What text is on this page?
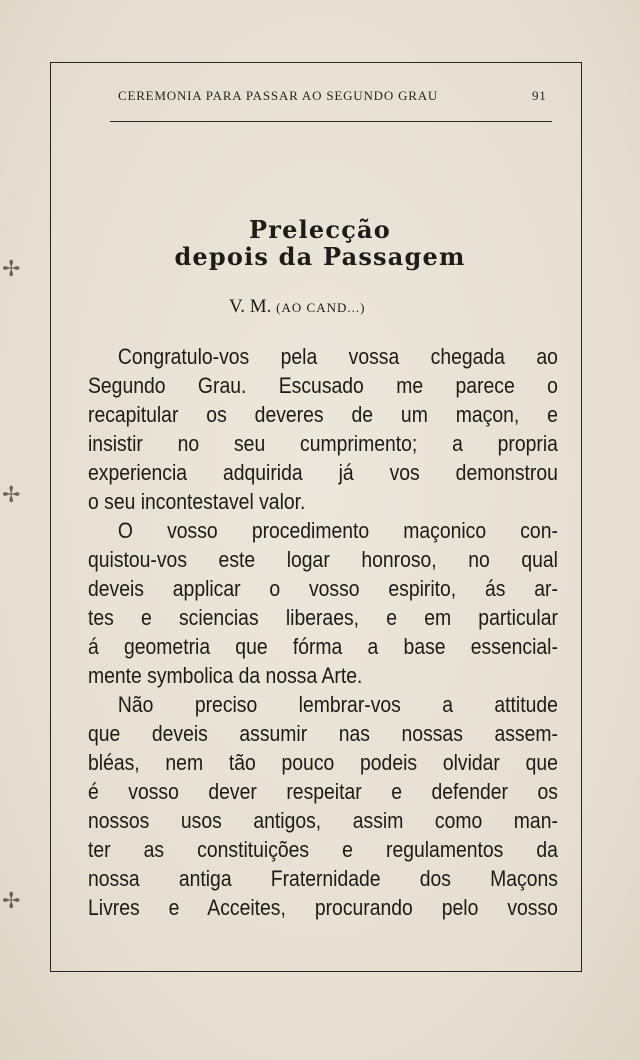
CEREMONIA PARA PASSAR AO SEGUNDO GRAU	91
Prelecção
depois da Passagem
V. M. (AO CAND...)
Congratulo-vos pela vossa chegada ao
Segundo Grau. Escusado me parece o
recapitular os deveres de um maçon, e
insistir no seu cumprimento; a propria
experiencia adquirida já vos demonstrou
o seu incontestavel valor.
O vosso procedimento maçonico con-
quistou-vos este logar honroso, no qual
deveis applicar o vosso espirito, ás ar-
tes e sciencias liberaes, e em particular
á geometria que fórma a base essencial-
mente symbolica da nossa Arte.
Não preciso lembrar-vos a attitude
que deveis assumir nas nossas assem-
bléas, nem tão pouco podeis olvidar que
é vosso dever respeitar e defender os
nossos usos antigos, assim como man-
ter as constituições e regulamentos da
nossa antiga Fraternidade dos Maçons
Livres e Acceites, procurando pelo vosso
✢
✢
✢
